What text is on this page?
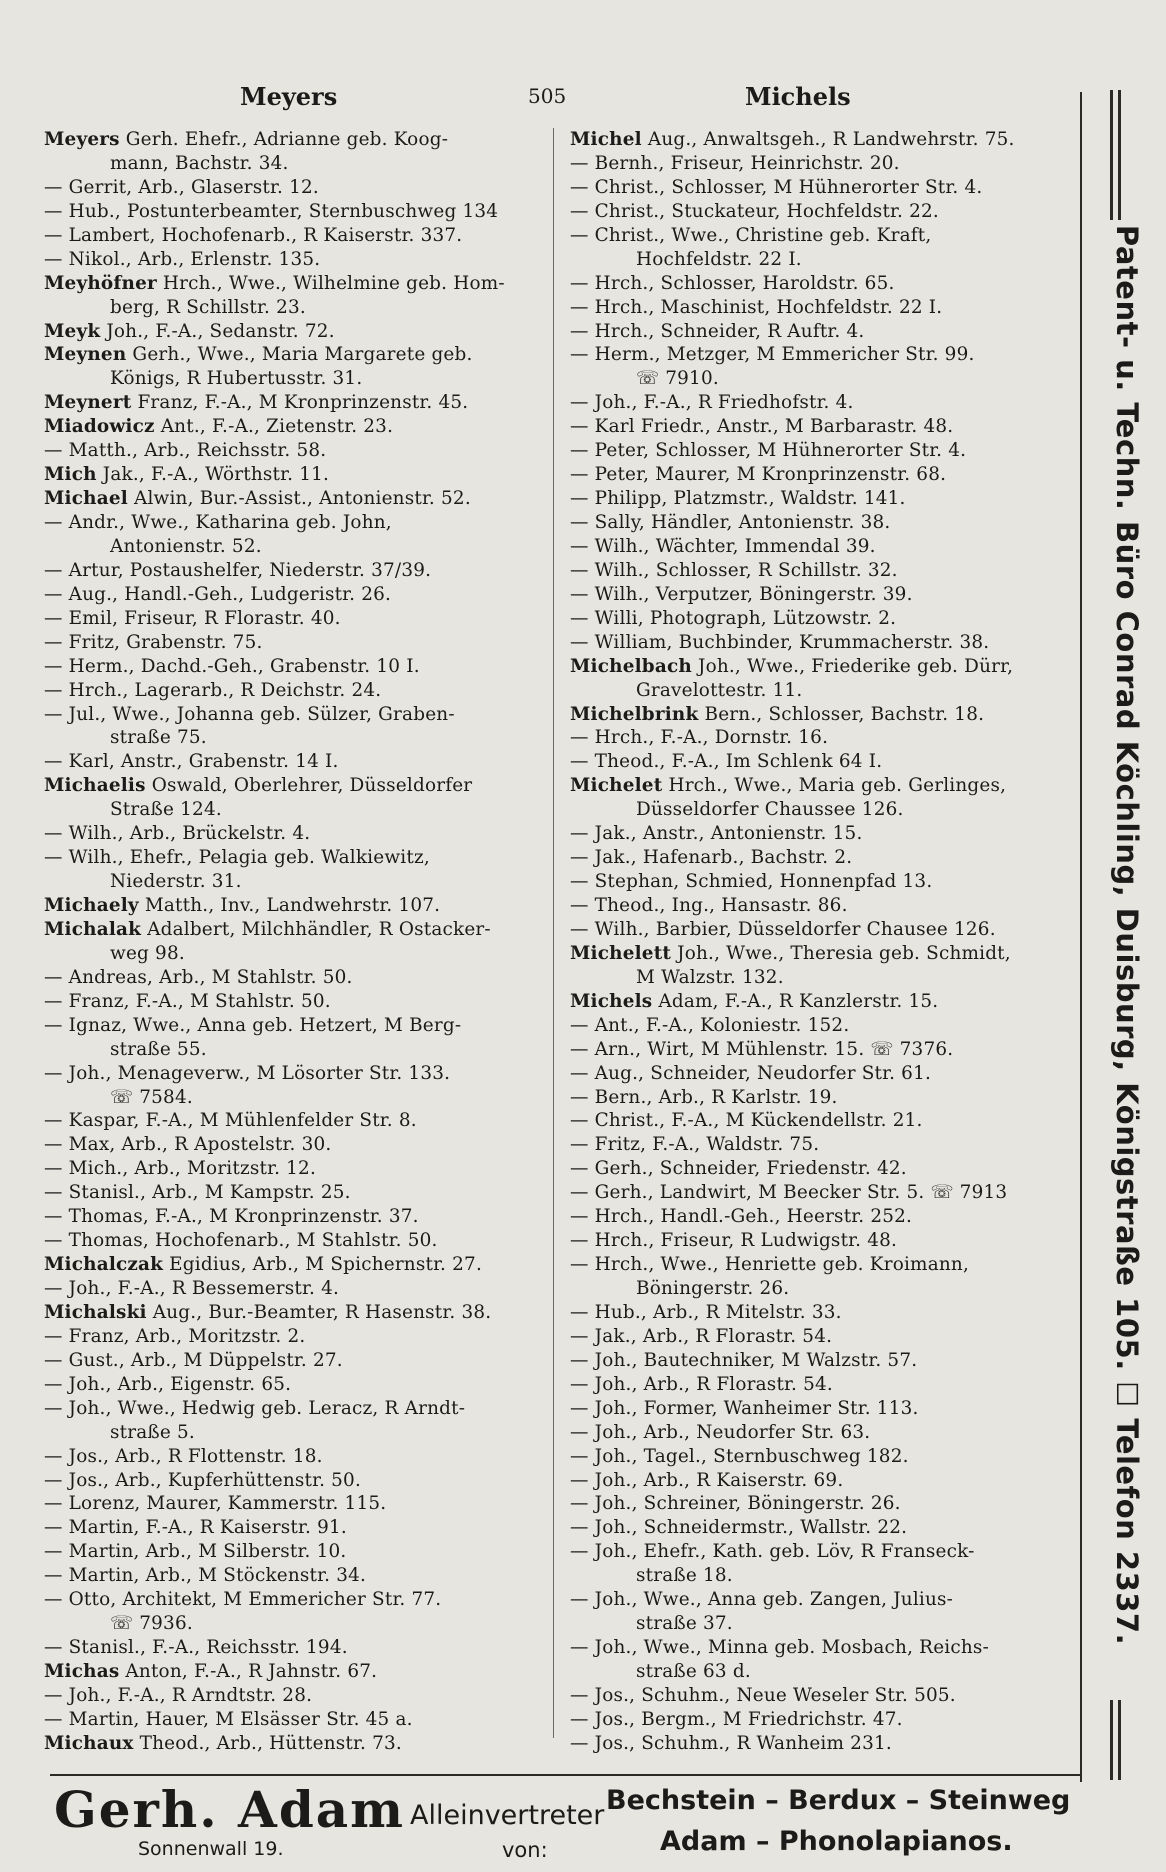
Meyers	505	Michels
Meyers Gerh. Ehefr., Adrianne geb. Koog-
mann, Bachstr. 34.
— Gerrit, Arb., Glaserstr. 12.
— Hub., Postunterbeamter, Sternbuschweg 134
— Lambert, Hochofenarb., R Kaiserstr. 337.
— Nikol., Arb., Erlenstr. 135.
Meyhöfner Hrch., Wwe., Wilhelmine geb. Hom-
berg, R Schillstr. 23.
Meyk Joh., F.-A., Sedanstr. 72.
Meynen Gerh., Wwe., Maria Margarete geb.
Königs, R Hubertusstr. 31.
Meynert Franz, F.-A., M Kronprinzenstr. 45.
Miadowicz Ant., F.-A., Zietenstr. 23.
— Matth., Arb., Reichsstr. 58.
Mich Jak., F.-A., Wörthstr. 11.
Michael Alwin, Bur.-Assist., Antonienstr. 52.
— Andr., Wwe., Katharina geb. John,
Antonienstr. 52.
— Artur, Postaushelfer, Niederstr. 37/39.
— Aug., Handl.-Geh., Ludgeristr. 26.
— Emil, Friseur, R Florastr. 40.
— Fritz, Grabenstr. 75.
— Herm., Dachd.-Geh., Grabenstr. 10 I.
— Hrch., Lagerarb., R Deichstr. 24.
— Jul., Wwe., Johanna geb. Sülzer, Graben-
straße 75.
— Karl, Anstr., Grabenstr. 14 I.
Michaelis Oswald, Oberlehrer, Düsseldorfer
Straße 124.
— Wilh., Arb., Brückelstr. 4.
— Wilh., Ehefr., Pelagia geb. Walkiewitz,
Niederstr. 31.
Michaely Matth., Inv., Landwehrstr. 107.
Michalak Adalbert, Milchhändler, R Ostacker-
weg 98.
— Andreas, Arb., M Stahlstr. 50.
— Franz, F.-A., M Stahlstr. 50.
— Ignaz, Wwe., Anna geb. Hetzert, M Berg-
straße 55.
— Joh., Menageverw., M Lösorter Str. 133.
☏ 7584.
— Kaspar, F.-A., M Mühlenfelder Str. 8.
— Max, Arb., R Apostelstr. 30.
— Mich., Arb., Moritzstr. 12.
— Stanisl., Arb., M Kampstr. 25.
— Thomas, F.-A., M Kronprinzenstr. 37.
— Thomas, Hochofenarb., M Stahlstr. 50.
Michalczak Egidius, Arb., M Spichernstr. 27.
— Joh., F.-A., R Bessemerstr. 4.
Michalski Aug., Bur.-Beamter, R Hasenstr. 38.
— Franz, Arb., Moritzstr. 2.
— Gust., Arb., M Düppelstr. 27.
— Joh., Arb., Eigenstr. 65.
— Joh., Wwe., Hedwig geb. Leracz, R Arndt-
straße 5.
— Jos., Arb., R Flottenstr. 18.
— Jos., Arb., Kupferhüttenstr. 50.
— Lorenz, Maurer, Kammerstr. 115.
— Martin, F.-A., R Kaiserstr. 91.
— Martin, Arb., M Silberstr. 10.
— Martin, Arb., M Stöckenstr. 34.
— Otto, Architekt, M Emmericher Str. 77.
☏ 7936.
— Stanisl., F.-A., Reichsstr. 194.
Michas Anton, F.-A., R Jahnstr. 67.
— Joh., F.-A., R Arndtstr. 28.
— Martin, Hauer, M Elsässer Str. 45 a.
Michaux Theod., Arb., Hüttenstr. 73.
Michel Aug., Anwaltsgeh., R Landwehrstr. 75.
— Bernh., Friseur, Heinrichstr. 20.
— Christ., Schlosser, M Hühnerorter Str. 4.
— Christ., Stuckateur, Hochfeldstr. 22.
— Christ., Wwe., Christine geb. Kraft,
Hochfeldstr. 22 I.
— Hrch., Schlosser, Haroldstr. 65.
— Hrch., Maschinist, Hochfeldstr. 22 I.
— Hrch., Schneider, R Auftr. 4.
— Herm., Metzger, M Emmericher Str. 99.
☏ 7910.
— Joh., F.-A., R Friedhofstr. 4.
— Karl Friedr., Anstr., M Barbarastr. 48.
— Peter, Schlosser, M Hühnerorter Str. 4.
— Peter, Maurer, M Kronprinzenstr. 68.
— Philipp, Platzmstr., Waldstr. 141.
— Sally, Händler, Antonienstr. 38.
— Wilh., Wächter, Immendal 39.
— Wilh., Schlosser, R Schillstr. 32.
— Wilh., Verputzer, Böningerstr. 39.
— Willi, Photograph, Lützowstr. 2.
— William, Buchbinder, Krummacherstr. 38.
Michelbach Joh., Wwe., Friederike geb. Dürr,
Gravelottestr. 11.
Michelbrink Bern., Schlosser, Bachstr. 18.
— Hrch., F.-A., Dornstr. 16.
— Theod., F.-A., Im Schlenk 64 I.
Michelet Hrch., Wwe., Maria geb. Gerlinges,
Düsseldorfer Chaussee 126.
— Jak., Anstr., Antonienstr. 15.
— Jak., Hafenarb., Bachstr. 2.
— Stephan, Schmied, Honnenpfad 13.
— Theod., Ing., Hansastr. 86.
— Wilh., Barbier, Düsseldorfer Chausee 126.
Michelett Joh., Wwe., Theresia geb. Schmidt,
M Walzstr. 132.
Michels Adam, F.-A., R Kanzlerstr. 15.
— Ant., F.-A., Koloniestr. 152.
— Arn., Wirt, M Mühlenstr. 15. ☏ 7376.
— Aug., Schneider, Neudorfer Str. 61.
— Bern., Arb., R Karlstr. 19.
— Christ., F.-A., M Kückendellstr. 21.
— Fritz, F.-A., Waldstr. 75.
— Gerh., Schneider, Friedenstr. 42.
— Gerh., Landwirt, M Beecker Str. 5. ☏ 7913
— Hrch., Handl.-Geh., Heerstr. 252.
— Hrch., Friseur, R Ludwigstr. 48.
— Hrch., Wwe., Henriette geb. Kroimann,
Böningerstr. 26.
— Hub., Arb., R Mitelstr. 33.
— Jak., Arb., R Florastr. 54.
— Joh., Bautechniker, M Walzstr. 57.
— Joh., Arb., R Florastr. 54.
— Joh., Former, Wanheimer Str. 113.
— Joh., Arb., Neudorfer Str. 63.
— Joh., Tagel., Sternbuschweg 182.
— Joh., Arb., R Kaiserstr. 69.
— Joh., Schreiner, Böningerstr. 26.
— Joh., Schneidermstr., Wallstr. 22.
— Joh., Ehefr., Kath. geb. Löv, R Franseck-
straße 18.
— Joh., Wwe., Anna geb. Zangen, Julius-
straße 37.
— Joh., Wwe., Minna geb. Mosbach, Reichs-
straße 63 d.
— Jos., Schuhm., Neue Weseler Str. 505.
— Jos., Bergm., M Friedrichstr. 47.
— Jos., Schuhm., R Wanheim 231.
Patent- u. Techn. Büro Conrad Köchling, Duisburg, Königstraße 105. ☐ Telefon 2337.
Gerh. Adam
Sonnenwall 19.
Alleinvertreter
von:
Bechstein – Berdux – Steinweg
Adam – Phonolapianos.
